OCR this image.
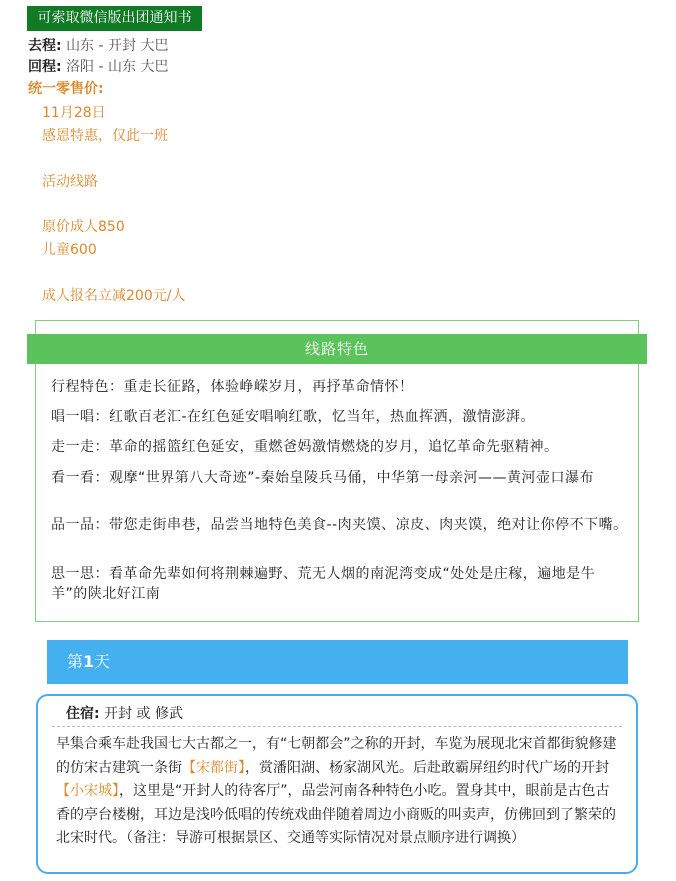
可索取微信版出团通知书
去程: 山东 - 开封 大巴
回程: 洛阳 - 山东 大巴
统一零售价:
11月28日
感恩特惠，仅此一班
活动线路
原价成人850
儿童600
成人报名立减200元/人
线路特色
行程特色：重走长征路，体验峥嵘岁月，再抒革命情怀！
唱一唱：红歌百老汇-在红色延安唱响红歌，忆当年，热血挥洒，激情澎湃。
走一走：革命的摇篮红色延安，重燃爸妈激情燃烧的岁月，追忆革命先驱精神。
看一看：观摩“世界第八大奇迹”-秦始皇陵兵马俑，中华第一母亲河——黄河壶口瀑布
品一品：带您走街串巷，品尝当地特色美食--肉夹馍、凉皮、肉夹馍，绝对让你停不下嘴。
思一思：看革命先辈如何将荆棘遍野、荒无人烟的南泥湾变成“处处是庄稼，遍地是牛羊”的陕北好江南
第1天
住宿: 开封 或 修武
早集合乘车赴我国七大古都之一，有“七朝都会”之称的开封，车览为展现北宋首都街貌修建的仿宋古建筑一条街【宋都街】，赏潘阳湖、杨家湖风光。后赴敢霸屏纽约时代广场的开封【小宋城】，这里是“开封人的待客厅”，品尝河南各种特色小吃。置身其中，眼前是古色古香的亭台楼榭，耳边是浅吟低唱的传统戏曲伴随着周边小商贩的叫卖声，仿佛回到了繁荣的北宋时代。（备注：导游可根据景区、交通等实际情况对景点顺序进行调换）
